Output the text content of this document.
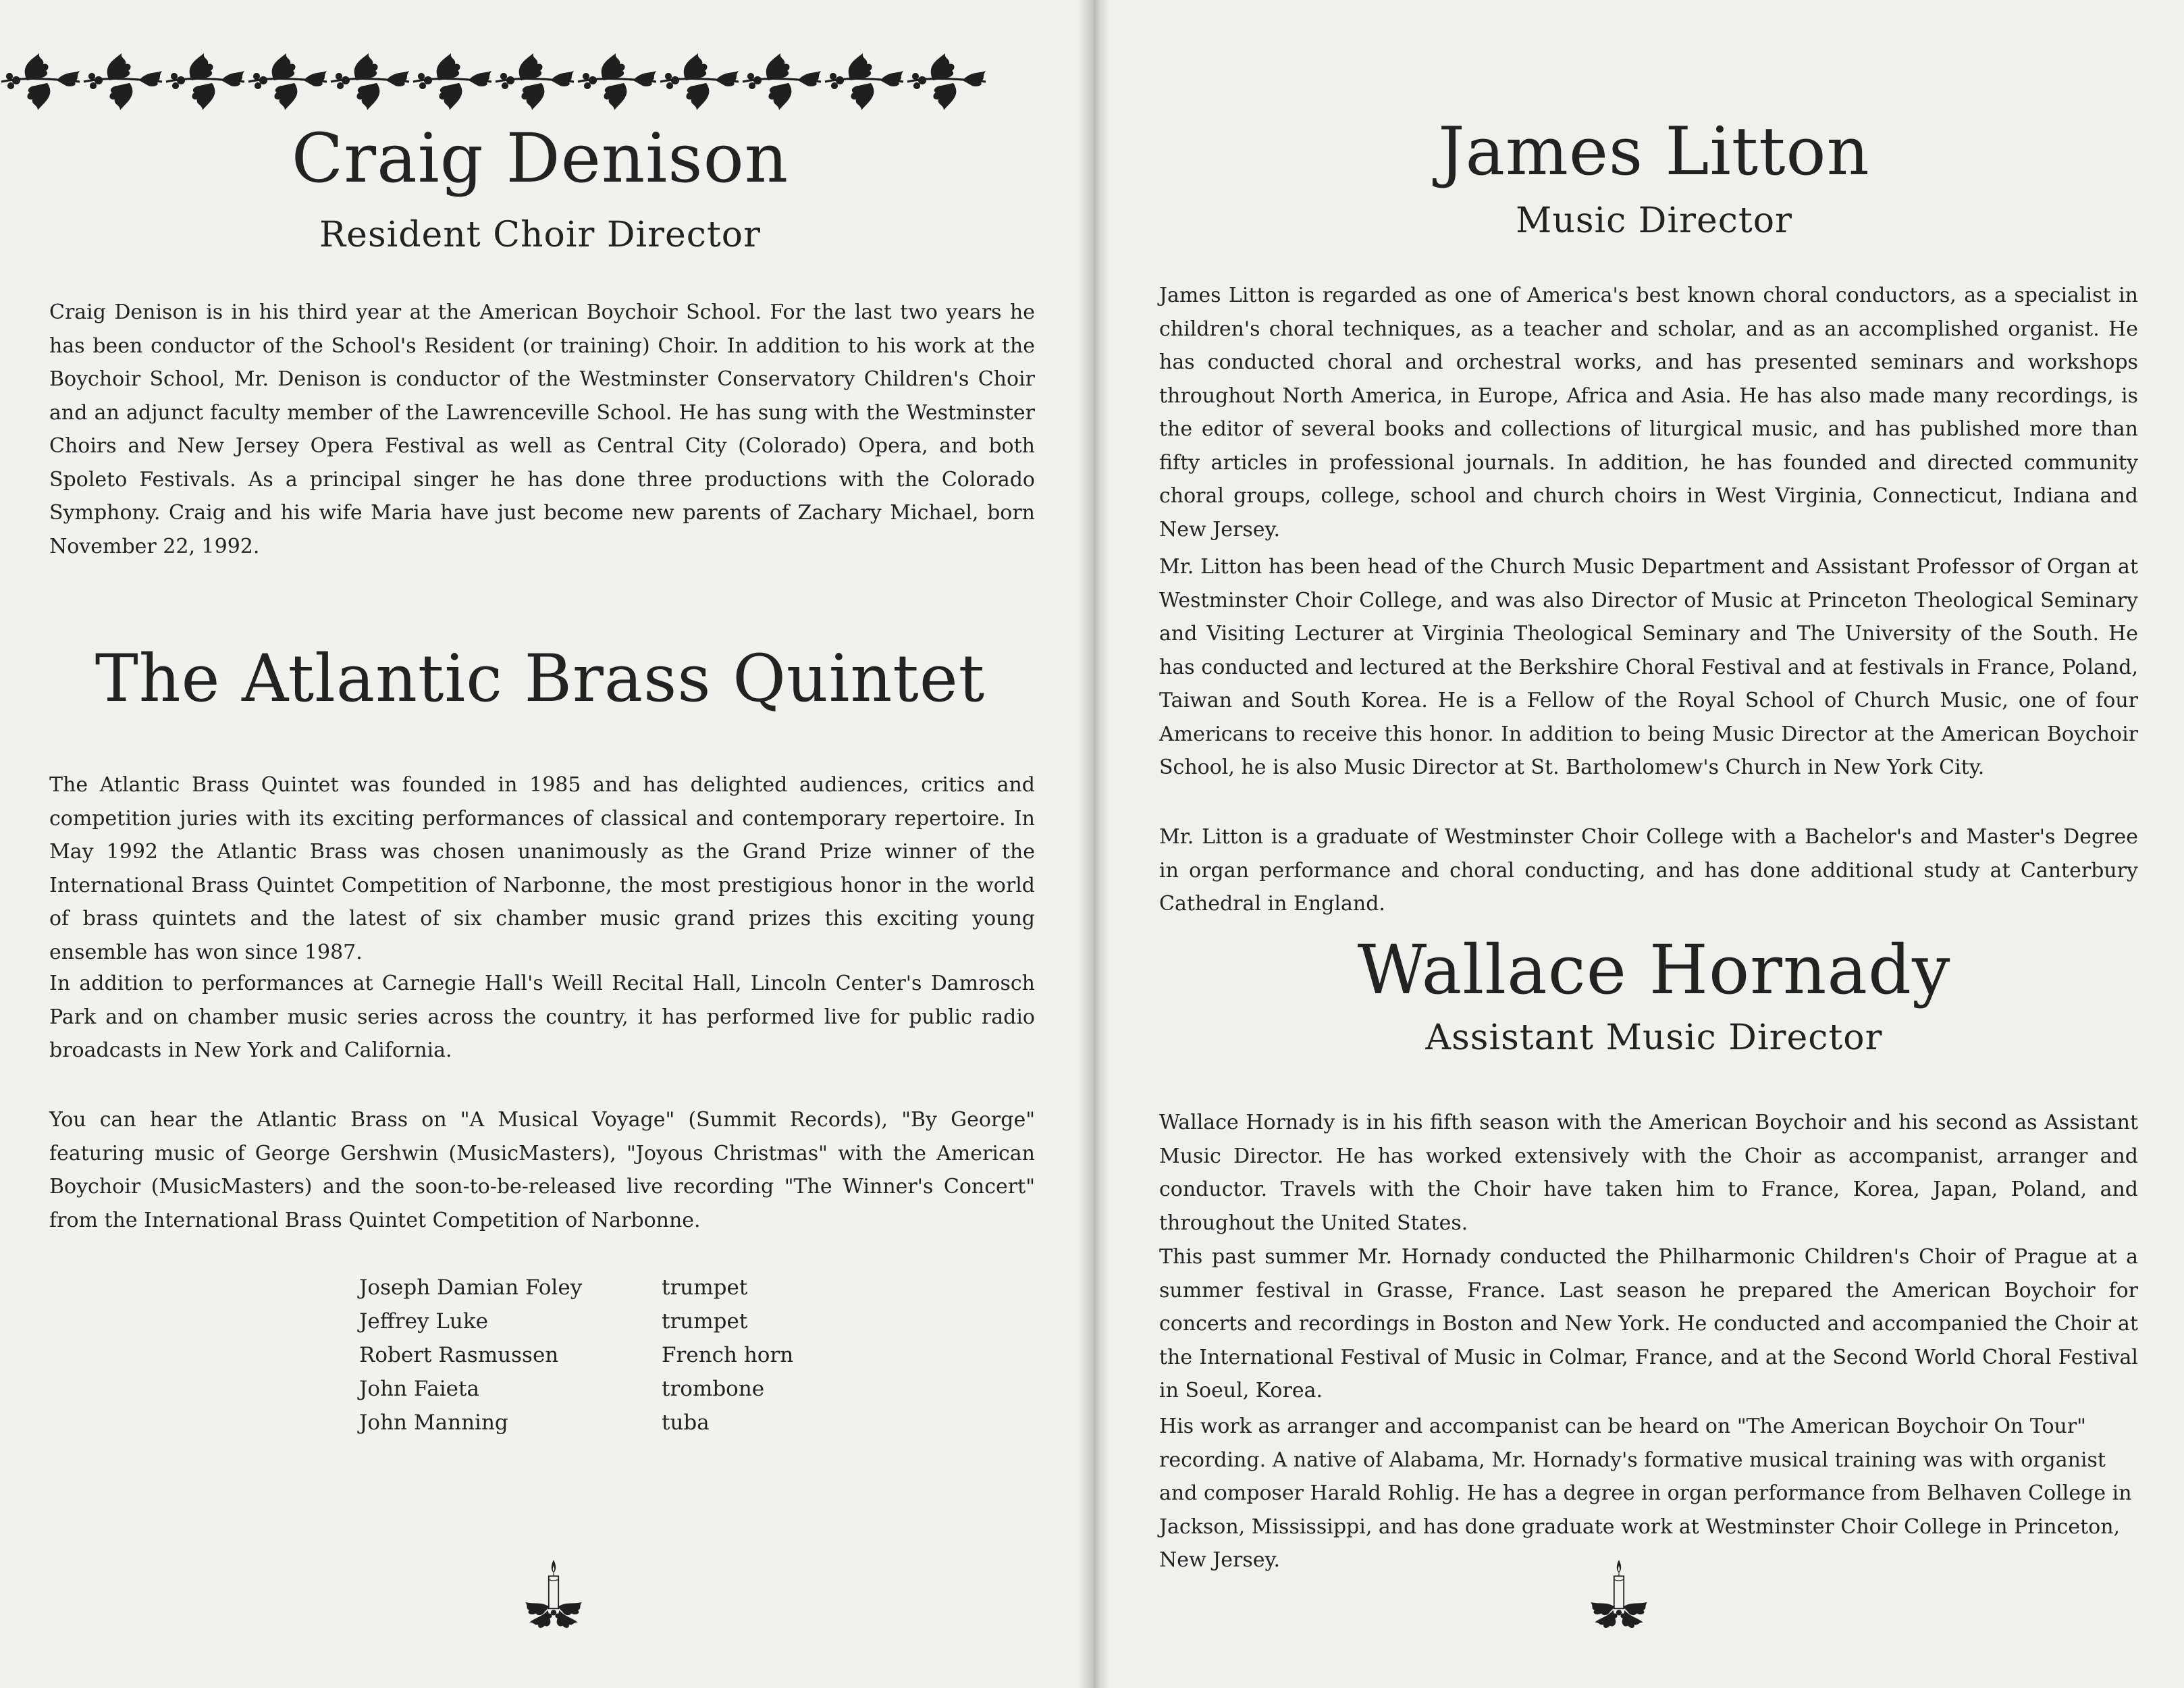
Craig Denison
Resident Choir Director
Craig Denison is in his third year at the American Boychoir School. For the last two years he has been conductor of the School's Resident (or training) Choir. In addition to his work at the Boychoir School, Mr. Denison is conductor of the Westminster Conservatory Children's Choir and an adjunct faculty member of the Lawrenceville School. He has sung with the Westminster Choirs and New Jersey Opera Festival as well as Central City (Colorado) Opera, and both Spoleto Festivals. As a principal singer he has done three productions with the Colorado Symphony. Craig and his wife Maria have just become new parents of Zachary Michael, born November 22, 1992.
The Atlantic Brass Quintet
The Atlantic Brass Quintet was founded in 1985 and has delighted audiences, critics and competition juries with its exciting performances of classical and contemporary repertoire. In May 1992 the Atlantic Brass was chosen unanimously as the Grand Prize winner of the International Brass Quintet Competition of Narbonne, the most prestigious honor in the world of brass quintets and the latest of six chamber music grand prizes this exciting young ensemble has won since 1987.
In addition to performances at Carnegie Hall's Weill Recital Hall, Lincoln Center's Damrosch Park and on chamber music series across the country, it has performed live for public radio broadcasts in New York and California.
You can hear the Atlantic Brass on "A Musical Voyage" (Summit Records), "By George" featuring music of George Gershwin (MusicMasters), "Joyous Christmas" with the American Boychoir (MusicMasters) and the soon-to-be-released live recording "The Winner's Concert" from the International Brass Quintet Competition of Narbonne.
Joseph Damian Foley	trumpet
Jeffrey Luke	trumpet
Robert Rasmussen	French horn
John Faieta	trombone
John Manning	tuba
James Litton
Music Director
James Litton is regarded as one of America's best known choral conductors, as a specialist in children's choral techniques, as a teacher and scholar, and as an accomplished organist. He has conducted choral and orchestral works, and has presented seminars and workshops throughout North America, in Europe, Africa and Asia. He has also made many recordings, is the editor of several books and collections of liturgical music, and has published more than fifty articles in professional journals. In addition, he has founded and directed community choral groups, college, school and church choirs in West Virginia, Connecticut, Indiana and New Jersey.
Mr. Litton has been head of the Church Music Department and Assistant Professor of Organ at Westminster Choir College, and was also Director of Music at Princeton Theological Seminary and Visiting Lecturer at Virginia Theological Seminary and The University of the South. He has conducted and lectured at the Berkshire Choral Festival and at festivals in France, Poland, Taiwan and South Korea. He is a Fellow of the Royal School of Church Music, one of four Americans to receive this honor. In addition to being Music Director at the American Boychoir School, he is also Music Director at St. Bartholomew's Church in New York City.
Mr. Litton is a graduate of Westminster Choir College with a Bachelor's and Master's Degree in organ performance and choral conducting, and has done additional study at Canterbury Cathedral in England.
Wallace Hornady
Assistant Music Director
Wallace Hornady is in his fifth season with the American Boychoir and his second as Assistant Music Director. He has worked extensively with the Choir as accompanist, arranger and conductor. Travels with the Choir have taken him to France, Korea, Japan, Poland, and throughout the United States.
This past summer Mr. Hornady conducted the Philharmonic Children's Choir of Prague at a summer festival in Grasse, France. Last season he prepared the American Boychoir for concerts and recordings in Boston and New York. He conducted and accompanied the Choir at the International Festival of Music in Colmar, France, and at the Second World Choral Festival in Soeul, Korea.
His work as arranger and accompanist can be heard on "The American Boychoir On Tour" recording. A native of Alabama, Mr. Hornady's formative musical training was with organist and composer Harald Rohlig. He has a degree in organ performance from Belhaven College in Jackson, Mississippi, and has done graduate work at Westminster Choir College in Princeton, New Jersey.
